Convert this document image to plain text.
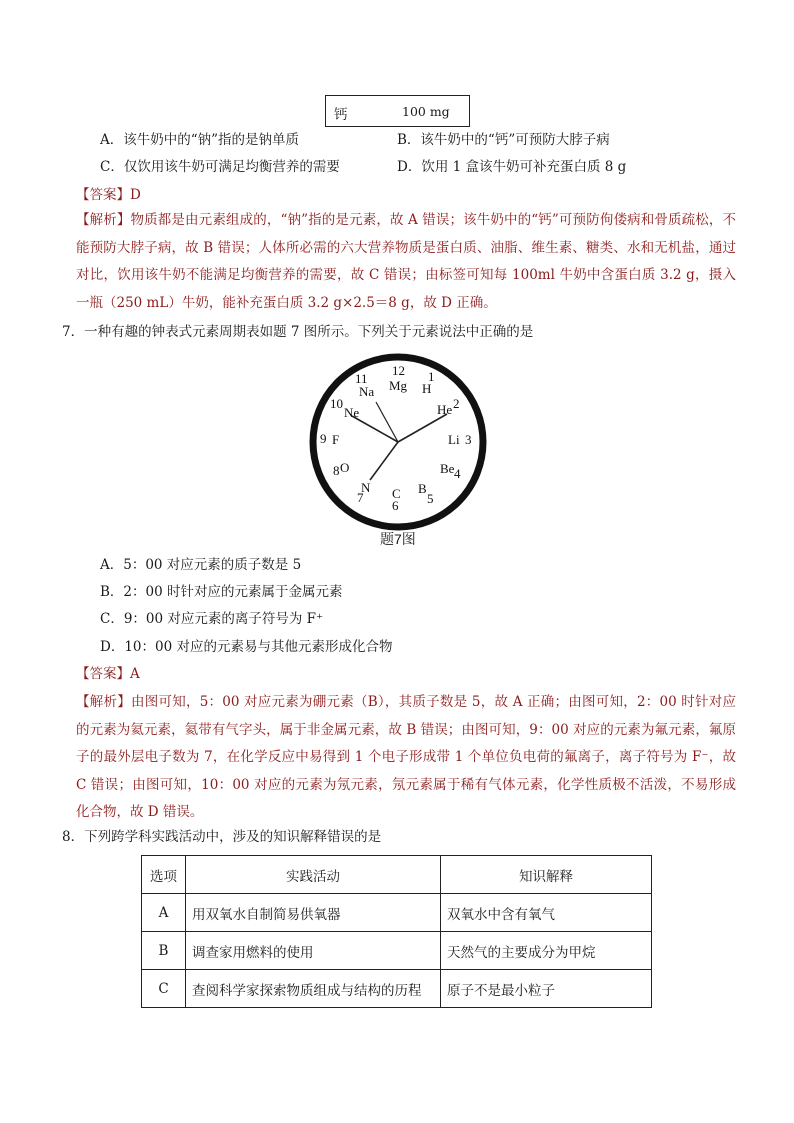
钙	100 mg
A．该牛奶中的“钠”指的是钠单质	B．该牛奶中的“钙”可预防大脖子病
C．仅饮用该牛奶可满足均衡营养的需要	D．饮用 1 盒该牛奶可补充蛋白质 8 g
【答案】D
【解析】物质都是由元素组成的，“钠”指的是元素，故 A 错误；该牛奶中的“钙”可预防佝偻病和骨质疏松，不能预防大脖子病，故 B 错误；人体所必需的六大营养物质是蛋白质、油脂、维生素、糖类、水和无机盐，通过对比，饮用该牛奶不能满足均衡营养的需要，故 C 错误；由标签可知每 100ml 牛奶中含蛋白质 3.2 g，摄入一瓶（250 mL）牛奶，能补充蛋白质 3.2 g×2.5＝8 g，故 D 正确。
7．一种有趣的钟表式元素周期表如题 7 图所示。下列关于元素说法中正确的是
12
Mg
1
H
2
He
3
Li
4
Be
5
B
6
C
7
N
8 O
9 F
10
Ne
11
Na
题7图
A．5：00 对应元素的质子数是 5
B．2：00 时针对应的元素属于金属元素
C．9：00 对应元素的离子符号为 F⁺
D．10：00 对应的元素易与其他元素形成化合物
【答案】A
【解析】由图可知，5：00 对应元素为硼元素（B），其质子数是 5，故 A 正确；由图可知，2：00 时针对应的元素为氦元素，氦带有气字头，属于非金属元素，故 B 错误；由图可知，9：00 对应的元素为氟元素，氟原子的最外层电子数为 7，在化学反应中易得到 1 个电子形成带 1 个单位负电荷的氟离子，离子符号为 F⁻，故 C 错误；由图可知，10：00 对应的元素为氖元素，氖元素属于稀有气体元素，化学性质极不活泼，不易形成化合物，故 D 错误。
8．下列跨学科实践活动中，涉及的知识解释错误的是
选项	实践活动	知识解释
A	用双氧水自制简易供氧器	双氧水中含有氧气
B	调查家用燃料的使用	天然气的主要成分为甲烷
C	查阅科学家探索物质组成与结构的历程	原子不是最小粒子
